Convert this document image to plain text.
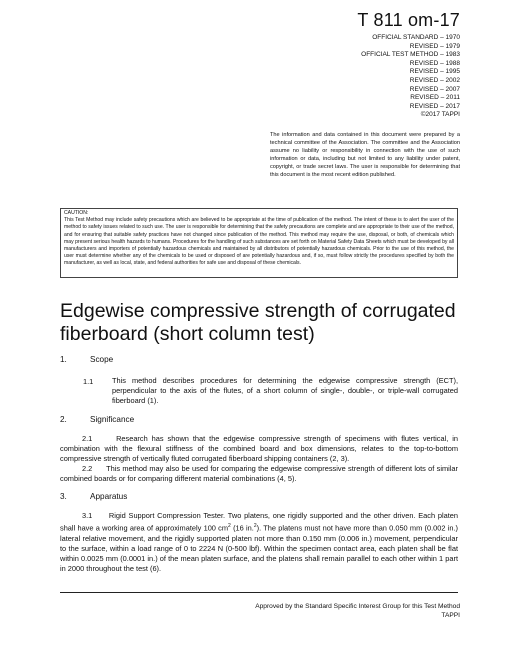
T 811 om-17
OFFICIAL STANDARD – 1970
REVISED – 1979
OFFICIAL TEST METHOD – 1983
REVISED – 1988
REVISED – 1995
REVISED – 2002
REVISED – 2007
REVISED – 2011
REVISED – 2017
©2017 TAPPI
The information and data contained in this document were prepared by a technical committee of the Association. The committee and the Association assume no liability or responsibility in connection with the use of such information or data, including but not limited to any liability under patent, copyright, or trade secret laws. The user is responsible for determining that this document is the most recent edition published.
CAUTION:
This Test Method may include safety precautions which are believed to be appropriate at the time of publication of the method. The intent of these is to alert the user of the method to safety issues related to such use. The user is responsible for determining that the safety precautions are complete and are appropriate to their use of the method, and for ensuring that suitable safety practices have not changed since publication of the method. This method may require the use, disposal, or both, of chemicals which may present serious health hazards to humans. Procedures for the handling of such substances are set forth on Material Safety Data Sheets which must be developed by all manufacturers and importers of potentially hazardous chemicals and maintained by all distributors of potentially hazardous chemicals. Prior to the use of this method, the user must determine whether any of the chemicals to be used or disposed of are potentially hazardous and, if so, must follow strictly the procedures specified by both the manufacturer, as well as local, state, and federal authorities for safe use and disposal of these chemicals.
Edgewise compressive strength of corrugated fiberboard (short column test)
1.	Scope
1.1	This method describes procedures for determining the edgewise compressive strength (ECT), perpendicular to the axis of the flutes, of a short column of single-, double-, or triple-wall corrugated fiberboard (1).
2.	Significance
2.1	Research has shown that the edgewise compressive strength of specimens with flutes vertical, in combination with the flexural stiffness of the combined board and box dimensions, relates to the top-to-bottom compressive strength of vertically fluted corrugated fiberboard shipping containers (2, 3).
2.2 This method may also be used for comparing the edgewise compressive strength of different lots of similar combined boards or for comparing different material combinations (4, 5).
3.	Apparatus
3.1 Rigid Support Compression Tester. Two platens, one rigidly supported and the other driven. Each platen shall have a working area of approximately 100 $cm^2$ (16 in.$^2$). The platens must not have more than 0.050 mm (0.002 in.) lateral relative movement, and the rigidly supported platen not more than 0.150 mm (0.006 in.) movement, perpendicular to the surface, within a load range of 0 to 2224 N (0-500 lbf). Within the specimen contact area, each platen shall be flat within 0.0025 mm (0.0001 in.) of the mean platen surface, and the platens shall remain parallel to each other within 1 part in 2000 throughout the test (6).
Approved by the Standard Specific Interest Group for this Test Method
TAPPI
